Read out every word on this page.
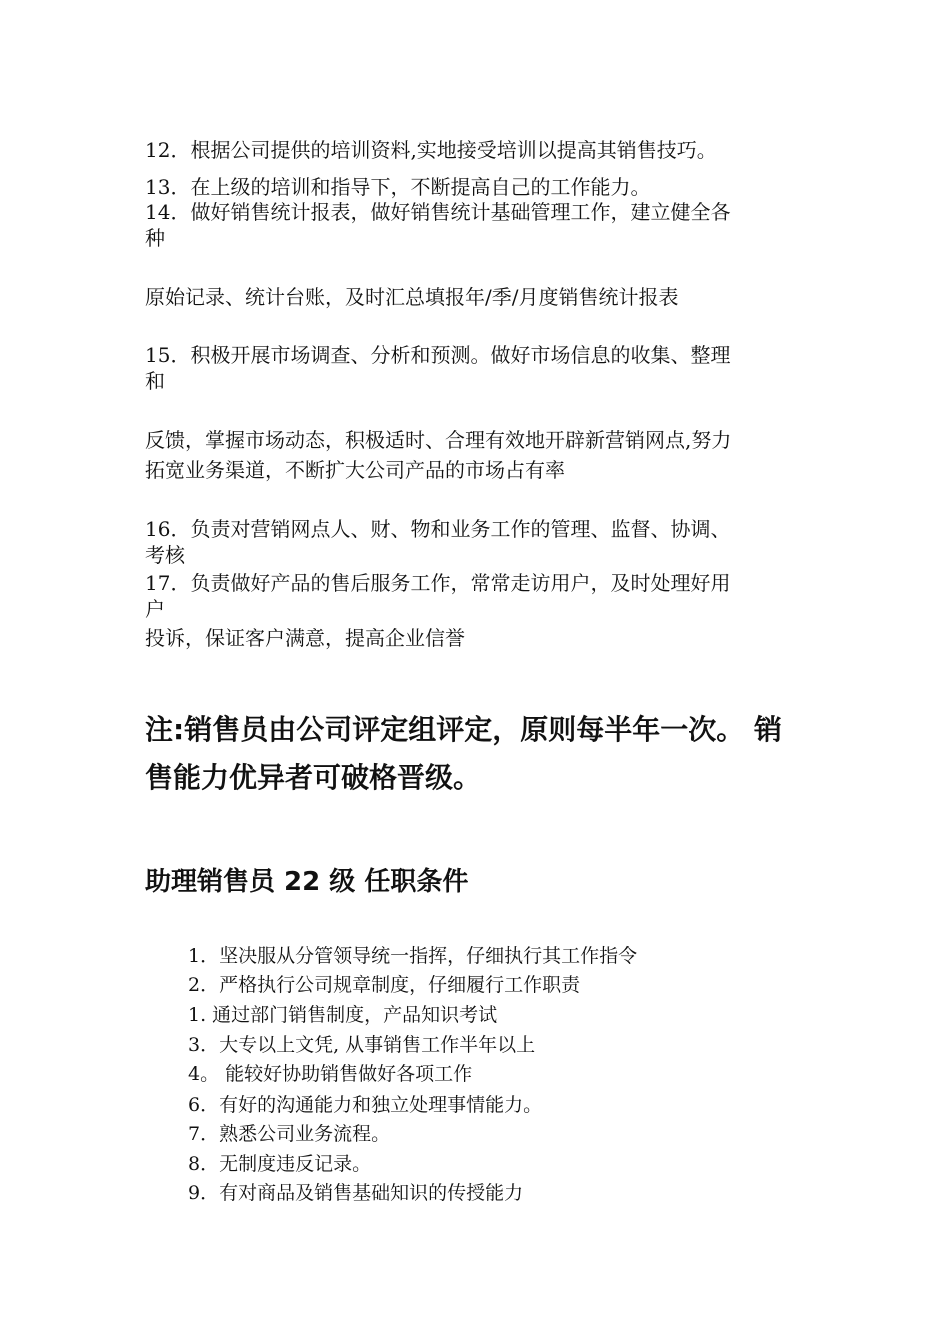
12．根据公司提供的培训资料,实地接受培训以提高其销售技巧。
13．在上级的培训和指导下，不断提高自己的工作能力。
14．做好销售统计报表，做好销售统计基础管理工作，建立健全各
种
原始记录、统计台账，及时汇总填报年/季/月度销售统计报表
15．积极开展市场调查、分析和预测。做好市场信息的收集、整理
和
反馈，掌握市场动态，积极适时、合理有效地开辟新营销网点,努力
拓宽业务渠道，不断扩大公司产品的市场占有率
16．负责对营销网点人、财、物和业务工作的管理、监督、协调、
考核
17．负责做好产品的售后服务工作，常常走访用户，及时处理好用
户
投诉，保证客户满意，提高企业信誉
注:销售员由公司评定组评定，原则每半年一次。 销
售能力优异者可破格晋级。
助理销售员 22 级 任职条件
1．坚决服从分管领导统一指挥，仔细执行其工作指令
2．严格执行公司规章制度，仔细履行工作职责
1. 通过部门销售制度，产品知识考试
3．大专以上文凭, 从事销售工作半年以上
4。 能较好协助销售做好各项工作
6．有好的沟通能力和独立处理事情能力。
7．熟悉公司业务流程。
8．无制度违反记录。
9．有对商品及销售基础知识的传授能力
